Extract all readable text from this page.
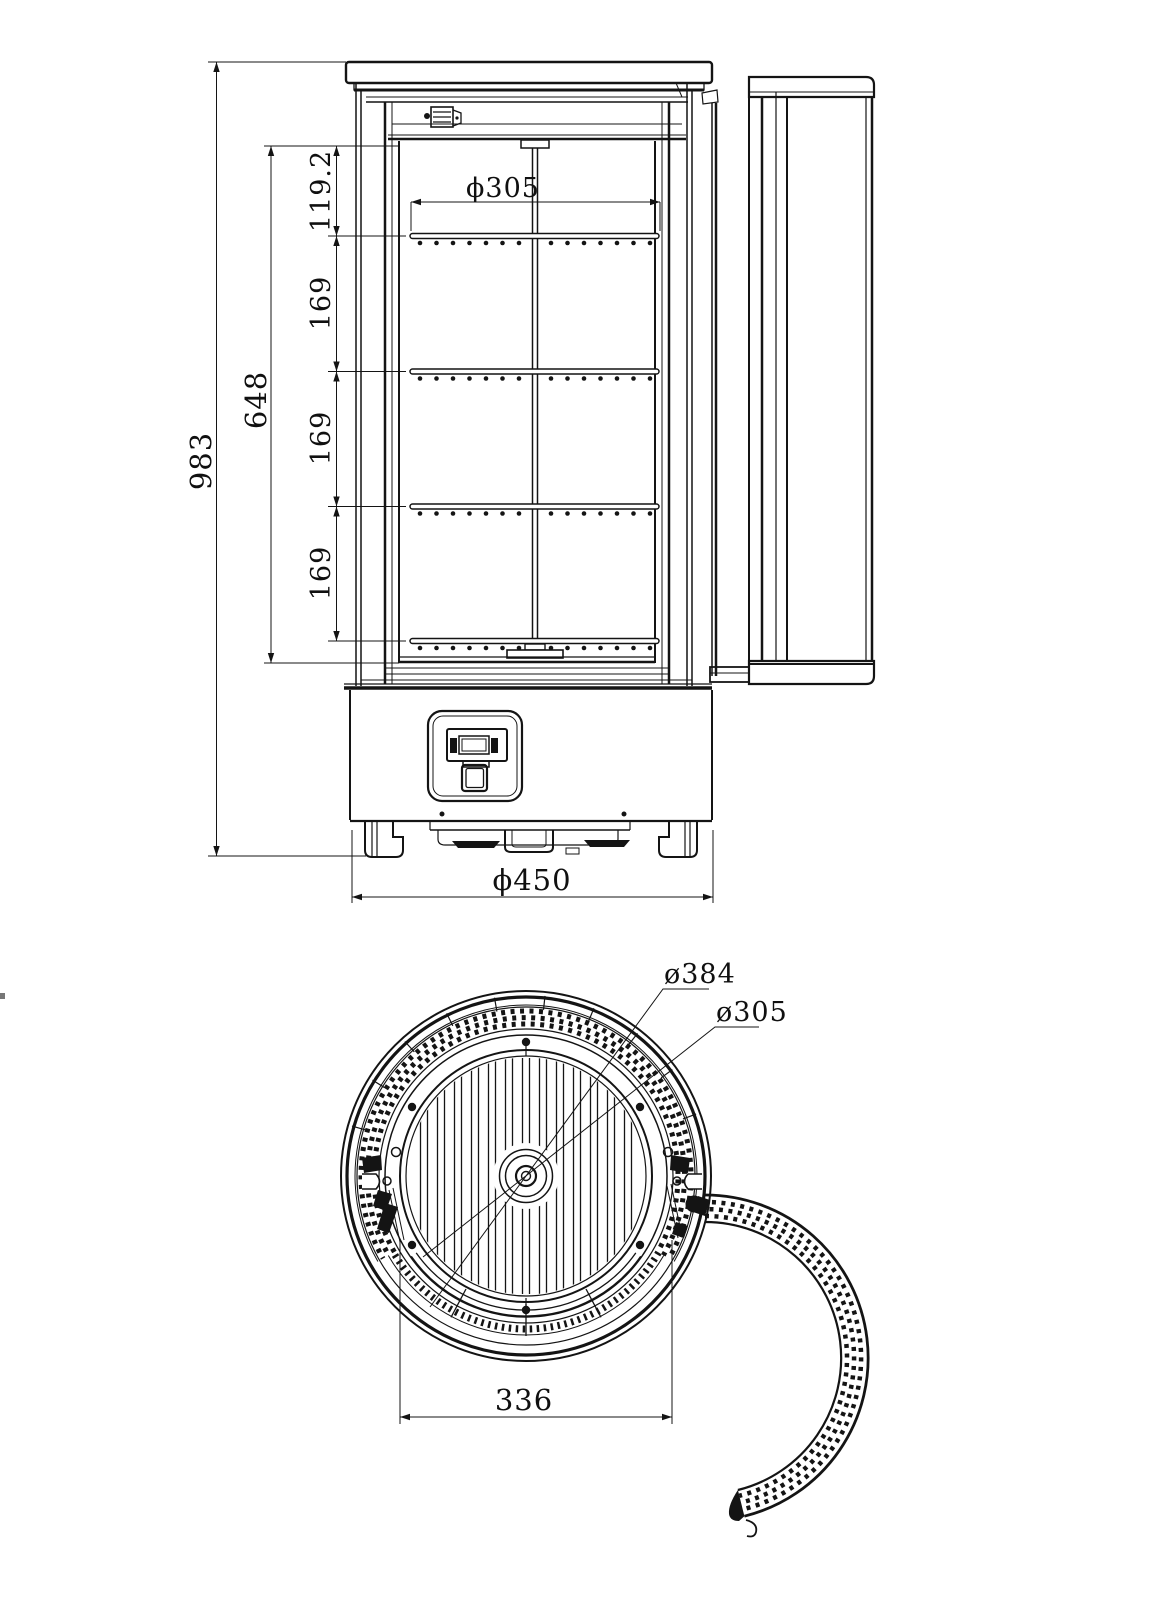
983
648
119.2
169
169
169
ϕ305
ϕ450
ø384
ø305
336
